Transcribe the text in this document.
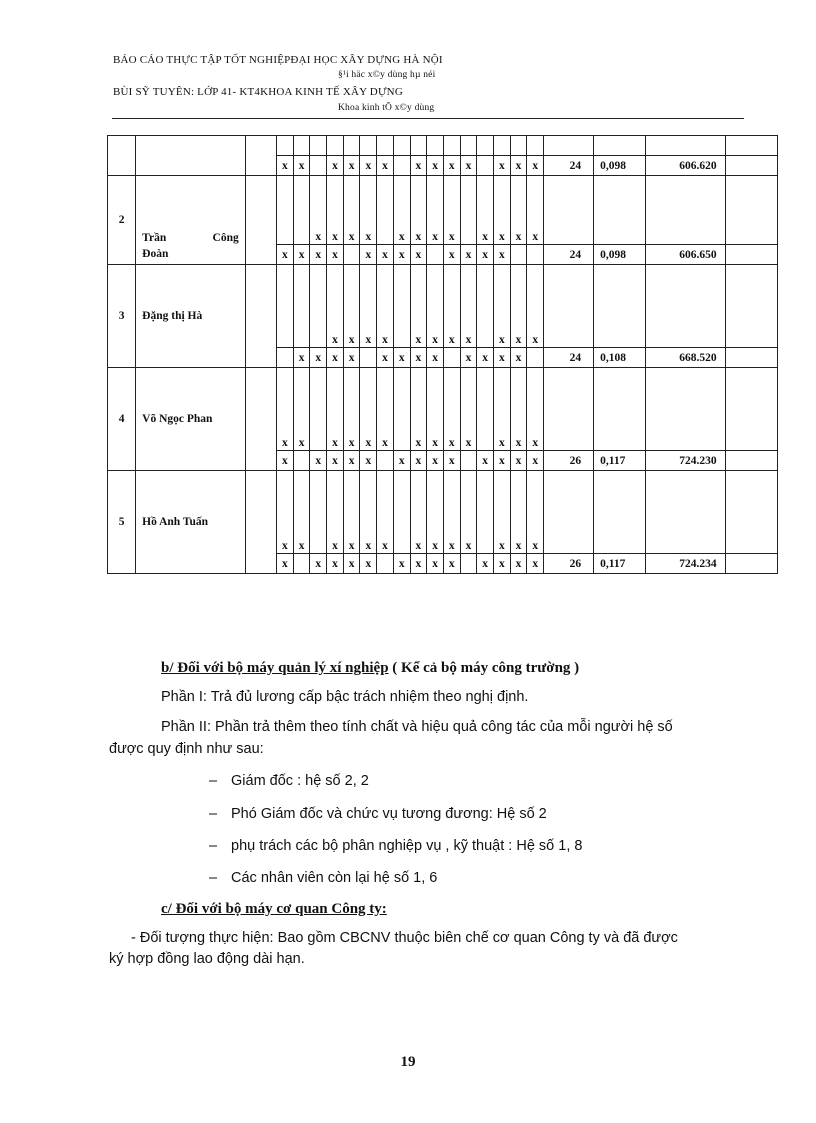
BÁO CÁO THỰC TẬP TỐT NGHIỆPĐẠI HỌC XÂY DỰNG HÀ NỘI
§¹i häc x©y dùng hµ néi
BÙI SỸ TUYÊN: LỚP 41- KT4KHOA KINH TẾ XÂY DỰNG
Khoa kinh tÕ x©y dùng

			x	x		x	x	x	x		x	x	x	x		x	x	x	24	0,098	606.620	
2	Trần Công
Đoàn				x	x	x	x		x	x	x	x		x	x	x	x				
			x	x	x	x		x	x	x	x		x	x	x	x			24	0,098	606.650	
3	Đặng thị Hà					x	x	x	x		x	x	x	x		x	x	x				
				x	x	x	x		x	x	x	x		x	x	x	x		24	0,108	668.520	
4	Võ Ngọc Phan		x	x		x	x	x	x		x	x	x	x		x	x	x				
			x		x	x	x	x		x	x	x	x		x	x	x	x	26	0,117	724.230	
5	Hồ Anh Tuấn		x	x		x	x	x	x		x	x	x	x		x	x	x				
			x		x	x	x	x		x	x	x	x		x	x	x	x	26	0,117	724.234	
b/ Đối với bộ máy quản lý xí nghiệp ( Kể cả bộ máy công trường )
Phần I: Trả đủ lương cấp bậc trách nhiệm theo nghị định.
Phần II: Phần trả thêm theo tính chất và hiệu quả công tác của mỗi người hệ số
được quy định như sau:
– Giám đốc : hệ số 2, 2
– Phó Giám đốc và chức vụ tương đương: Hệ số 2
– phụ trách các bộ phân nghiệp vụ , kỹ thuật : Hệ số 1, 8
– Các nhân viên còn lại hệ số 1, 6
c/ Đối với bộ máy cơ quan Công ty:
- Đối tượng thực hiện: Bao gồm CBCNV thuộc biên chế cơ quan Công ty và đã được
ký hợp đồng lao động dài hạn.
19
